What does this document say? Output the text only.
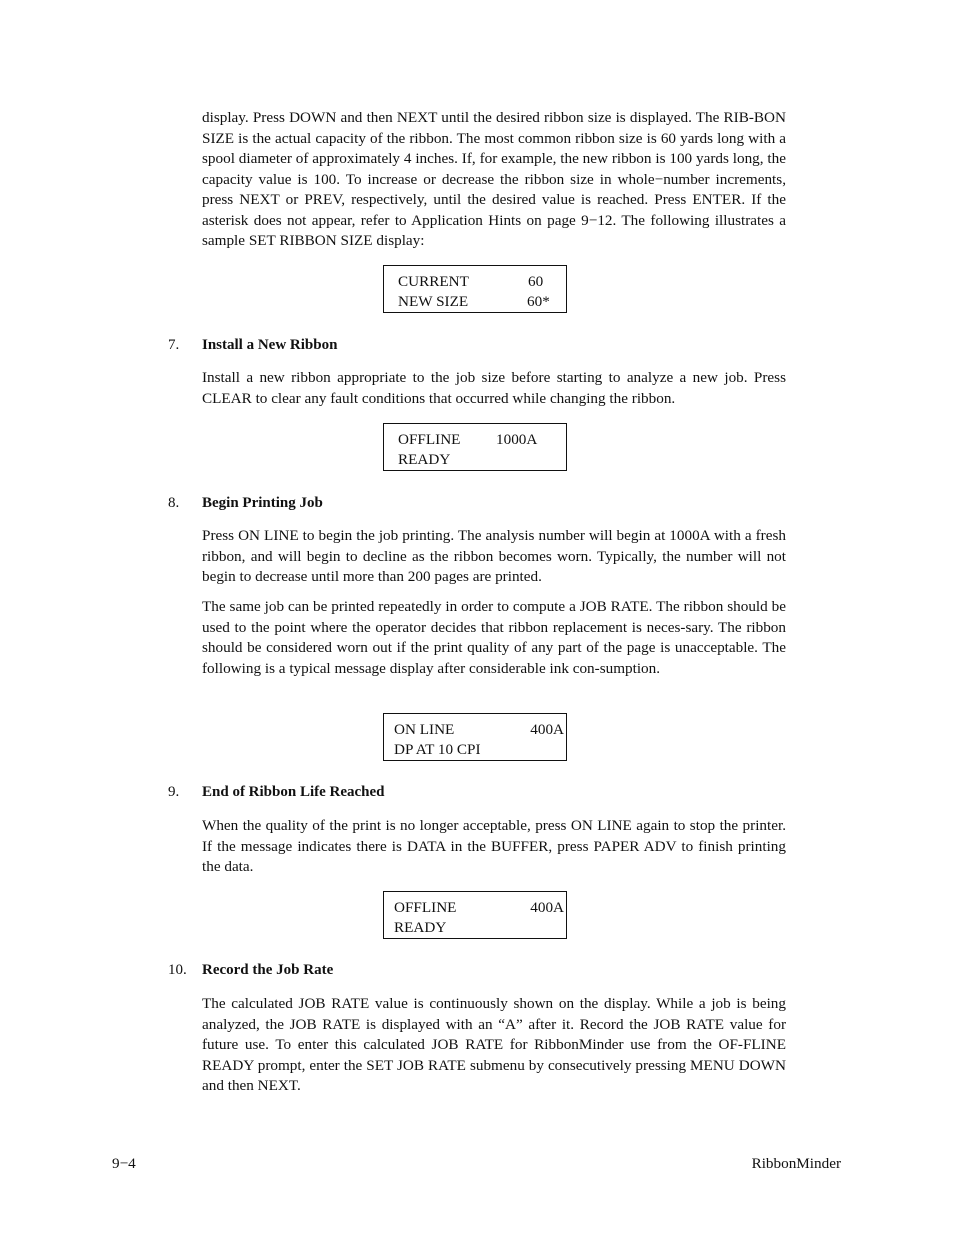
display. Press DOWN and then NEXT until the desired ribbon size is displayed. The RIB-BON SIZE is the actual capacity of the ribbon. The most common ribbon size is 60 yards long with a spool diameter of approximately 4 inches. If, for example, the new ribbon is 100 yards long, the capacity value is 100. To increase or decrease the ribbon size in whole−number increments, press NEXT or PREV, respectively, until the desired value is reached. Press ENTER. If the asterisk does not appear, refer to Application Hints on page 9−12. The following illustrates a sample SET RIBBON SIZE display:

CURRENT	60
NEW SIZE	60*
7. Install a New Ribbon

Install a new ribbon appropriate to the job size before starting to analyze a new job. Press CLEAR to clear any fault conditions that occurred while changing the ribbon.

OFFLINE 1000A
READY
8. Begin Printing Job

Press ON LINE to begin the job printing. The analysis number will begin at 1000A with a fresh ribbon, and will begin to decline as the ribbon becomes worn. Typically, the number will not begin to decrease until more than 200 pages are printed.

The same job can be printed repeatedly in order to compute a JOB RATE. The ribbon should be used to the point where the operator decides that ribbon replacement is neces-sary. The ribbon should be considered worn out if the print quality of any part of the page is unacceptable. The following is a typical message display after considerable ink con-sumption.

ON LINE	400A
DP AT 10 CPI
9. End of Ribbon Life Reached

When the quality of the print is no longer acceptable, press ON LINE again to stop the printer. If the message indicates there is DATA in the BUFFER, press PAPER ADV to finish printing the data.

OFFLINE	400A
READY
10. Record the Job Rate

The calculated JOB RATE value is continuously shown on the display. While a job is being analyzed, the JOB RATE is displayed with an “A” after it. Record the JOB RATE value for future use. To enter this calculated JOB RATE for RibbonMinder use from the OF-FLINE READY prompt, enter the SET JOB RATE submenu by consecutively pressing MENU DOWN and then NEXT.

9−4	RibbonMinder
